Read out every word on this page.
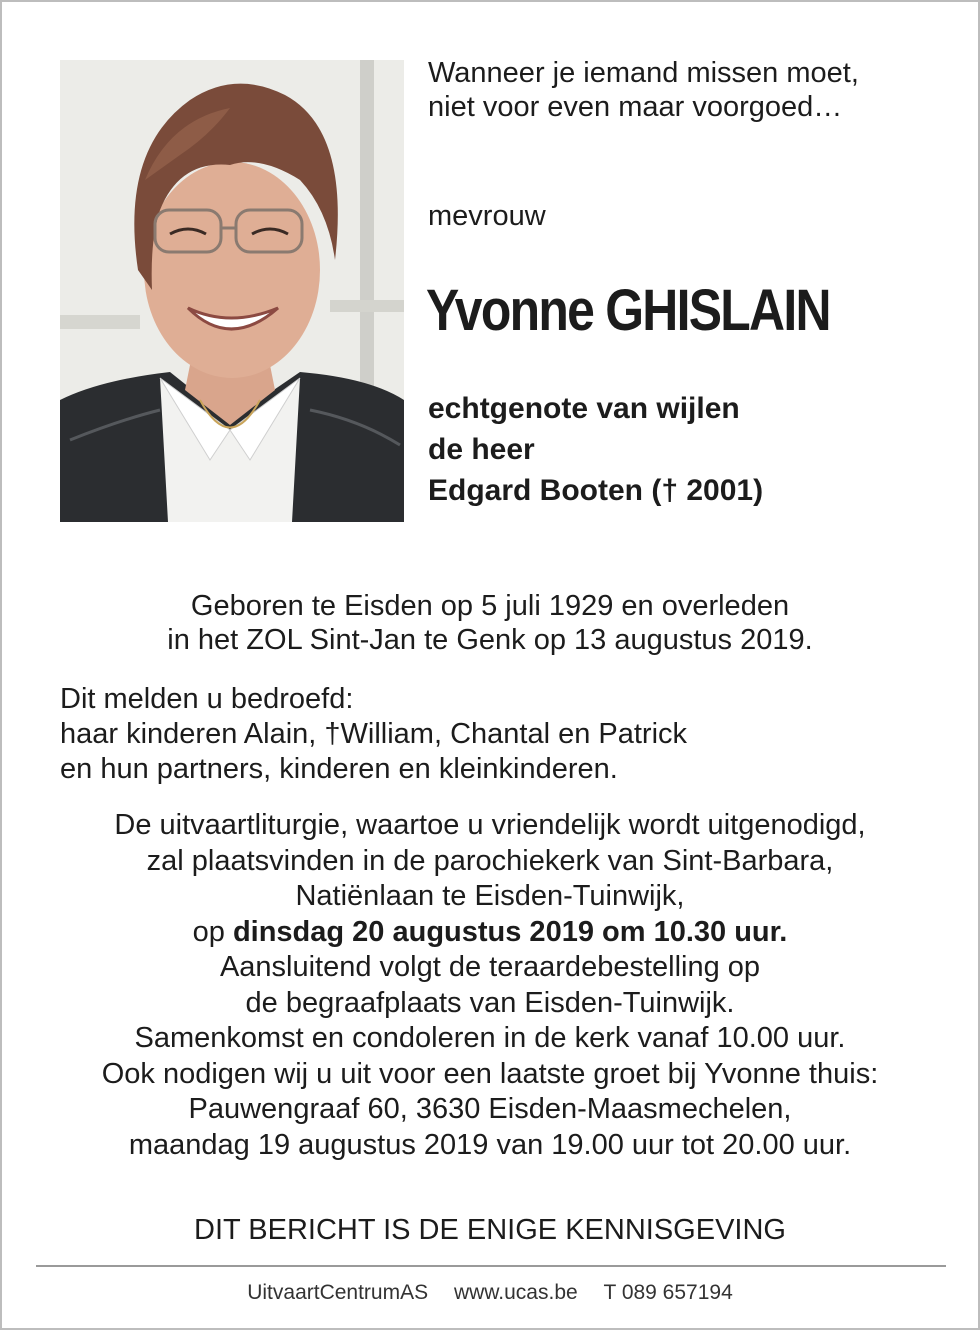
Wanneer je iemand missen moet,
niet voor even maar voorgoed…
mevrouw
Yvonne GHISLAIN
echtgenote van wijlen
de heer
Edgard Booten († 2001)
Geboren te Eisden op 5 juli 1929 en overleden
in het ZOL Sint-Jan te Genk op 13 augustus 2019.
Dit melden u bedroefd:
haar kinderen Alain, †William, Chantal en Patrick
en hun partners, kinderen en kleinkinderen.
De uitvaartliturgie, waartoe u vriendelijk wordt uitgenodigd,
zal plaatsvinden in de parochiekerk van Sint-Barbara,
Natiënlaan te Eisden-Tuinwijk,
op dinsdag 20 augustus 2019 om 10.30 uur.
Aansluitend volgt de teraardebestelling op
de begraafplaats van Eisden-Tuinwijk.
Samenkomst en condoleren in de kerk vanaf 10.00 uur.
Ook nodigen wij u uit voor een laatste groet bij Yvonne thuis:
Pauwengraaf 60, 3630 Eisden-Maasmechelen,
maandag 19 augustus 2019 van 19.00 uur tot 20.00 uur.
DIT BERICHT IS DE ENIGE KENNISGEVING
UitvaartCentrumAS www.ucas.be T 089 657194
